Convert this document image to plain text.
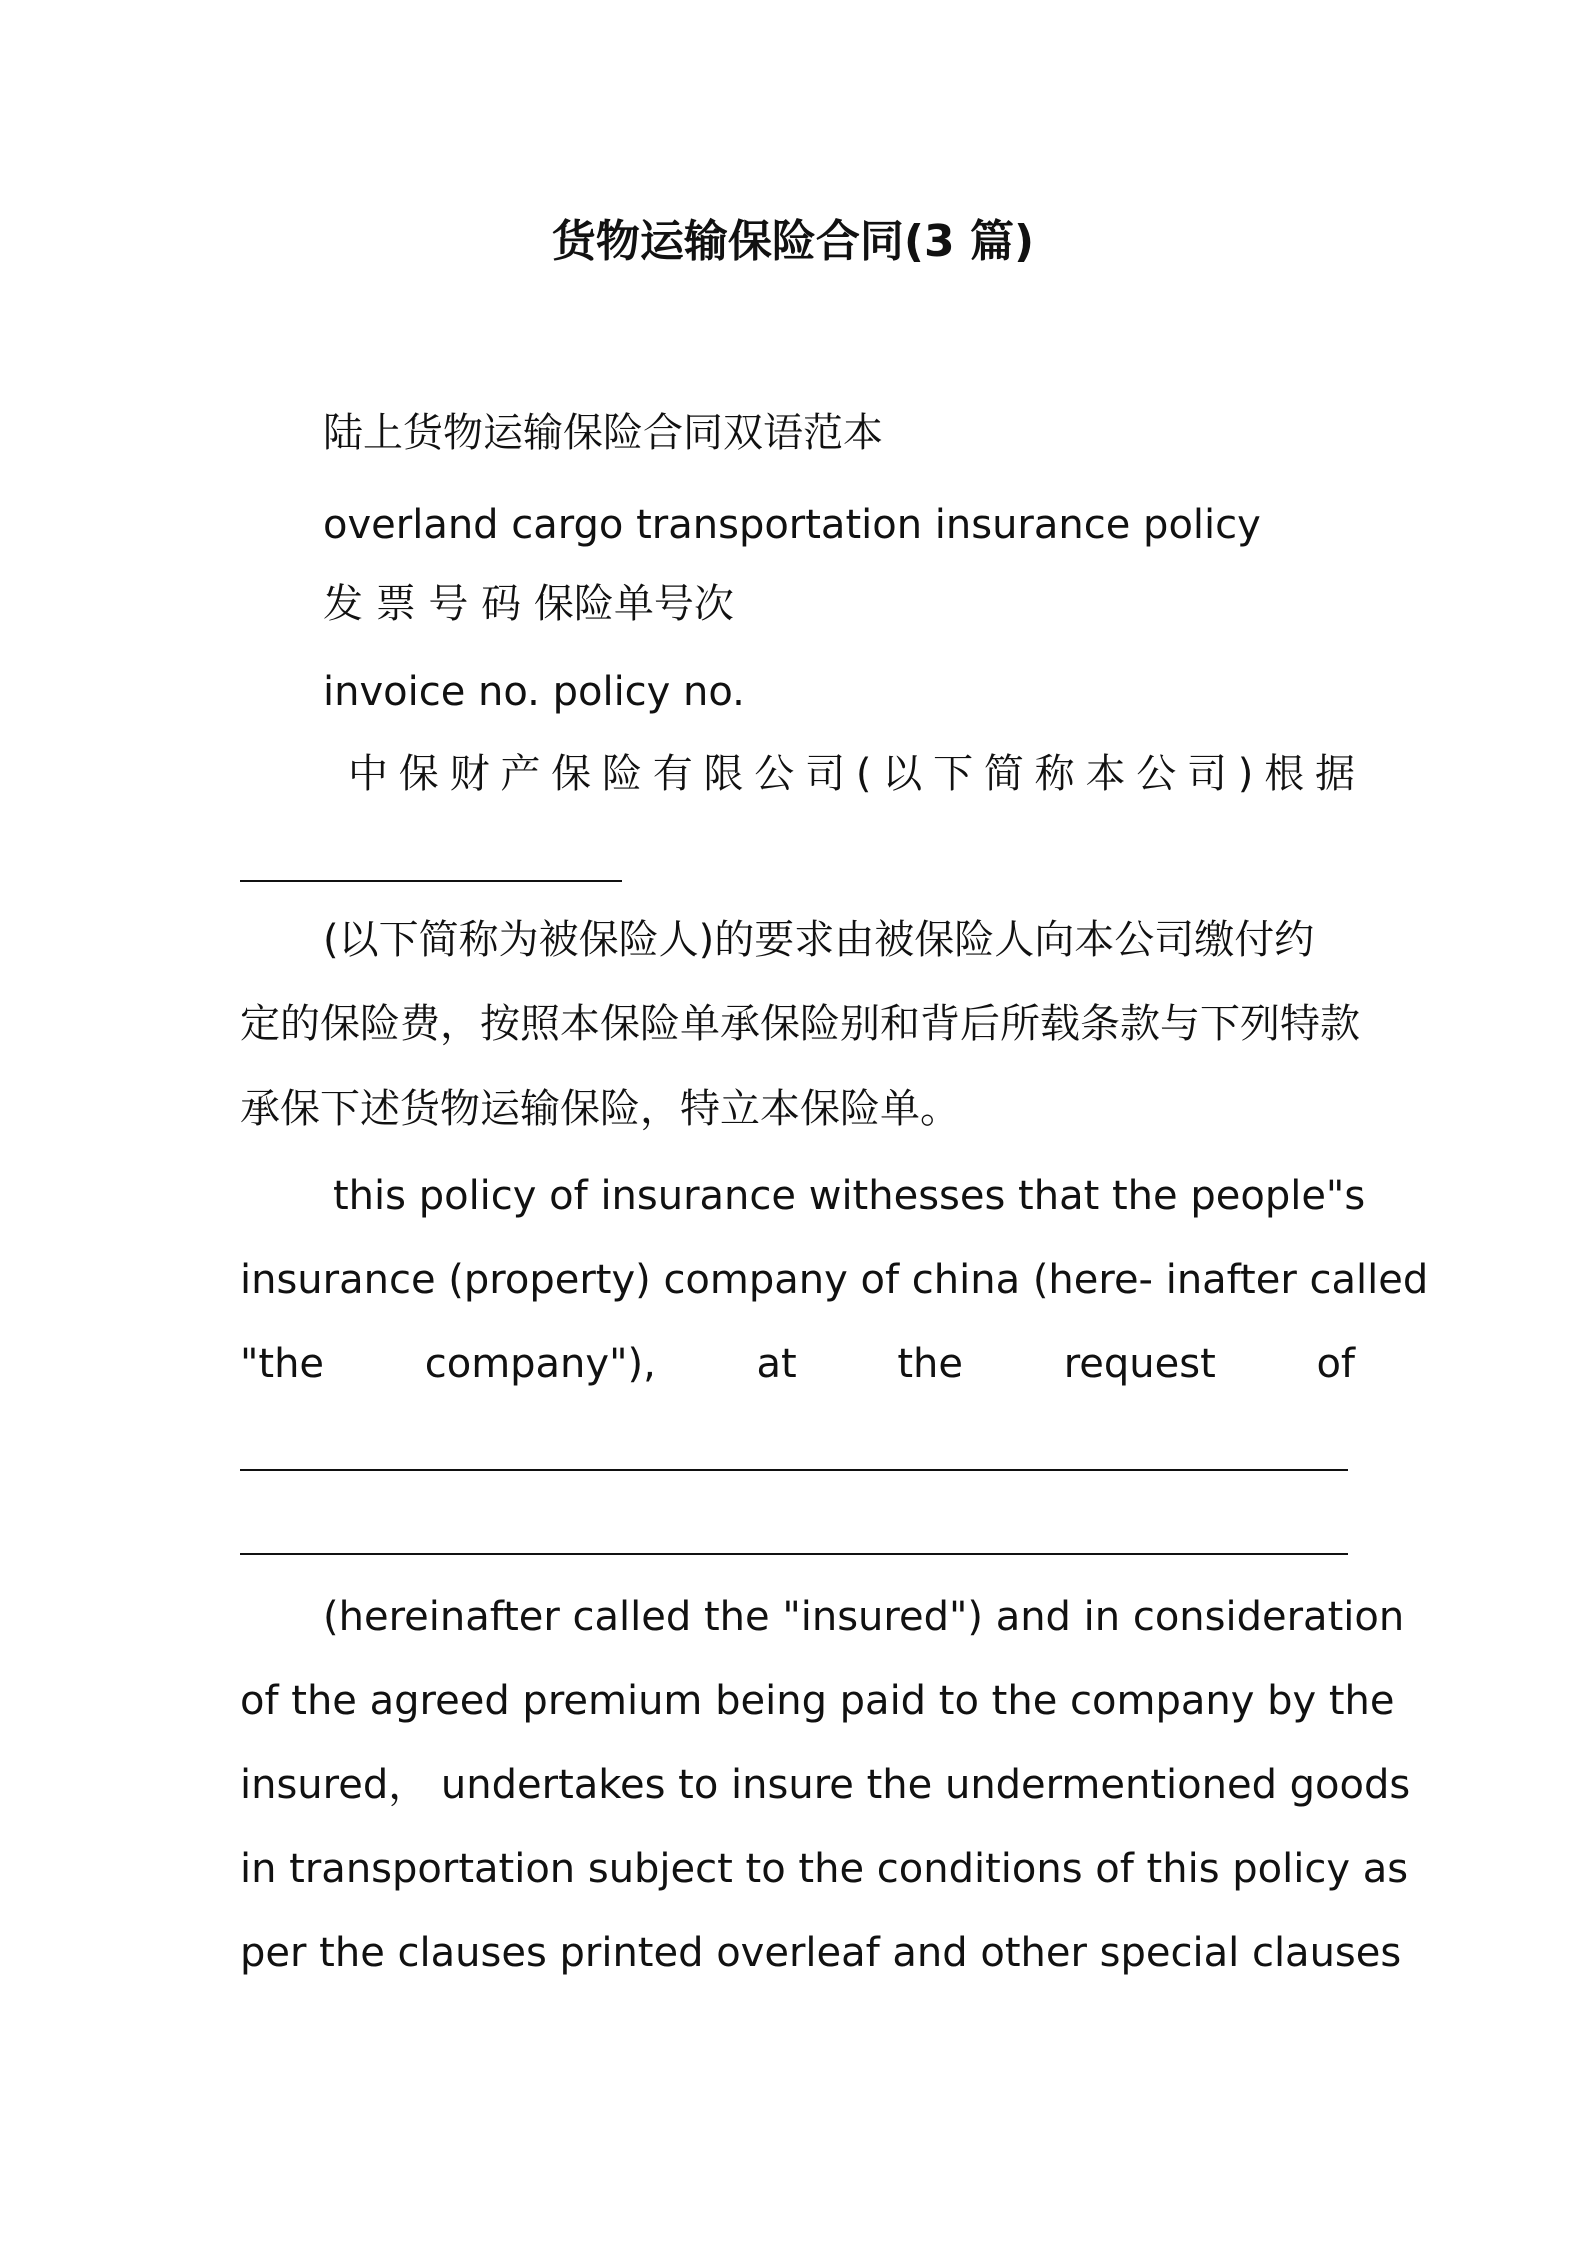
货物运输保险合同(3 篇)
陆上货物运输保险合同双语范本
overland cargo transportation insurance policy
发 票 号 码 保险单号次
invoice no. policy no.
中保财产保险有限公司(以下简称本公司)根据
(以下简称为被保险人)的要求由被保险人向本公司缴付约
定的保险费，按照本保险单承保险别和背后所载条款与下列特款
承保下述货物运输保险，特立本保险单。
this policy of insurance withesses that the people"s
insurance (property) company of china (here- inafter called
"the company"), at the request of
(hereinafter called the "insured") and in consideration
of the agreed premium being paid to the company by the
insured， undertakes to insure the undermentioned goods
in transportation subject to the conditions of this policy as
per the clauses printed overleaf and other special clauses
